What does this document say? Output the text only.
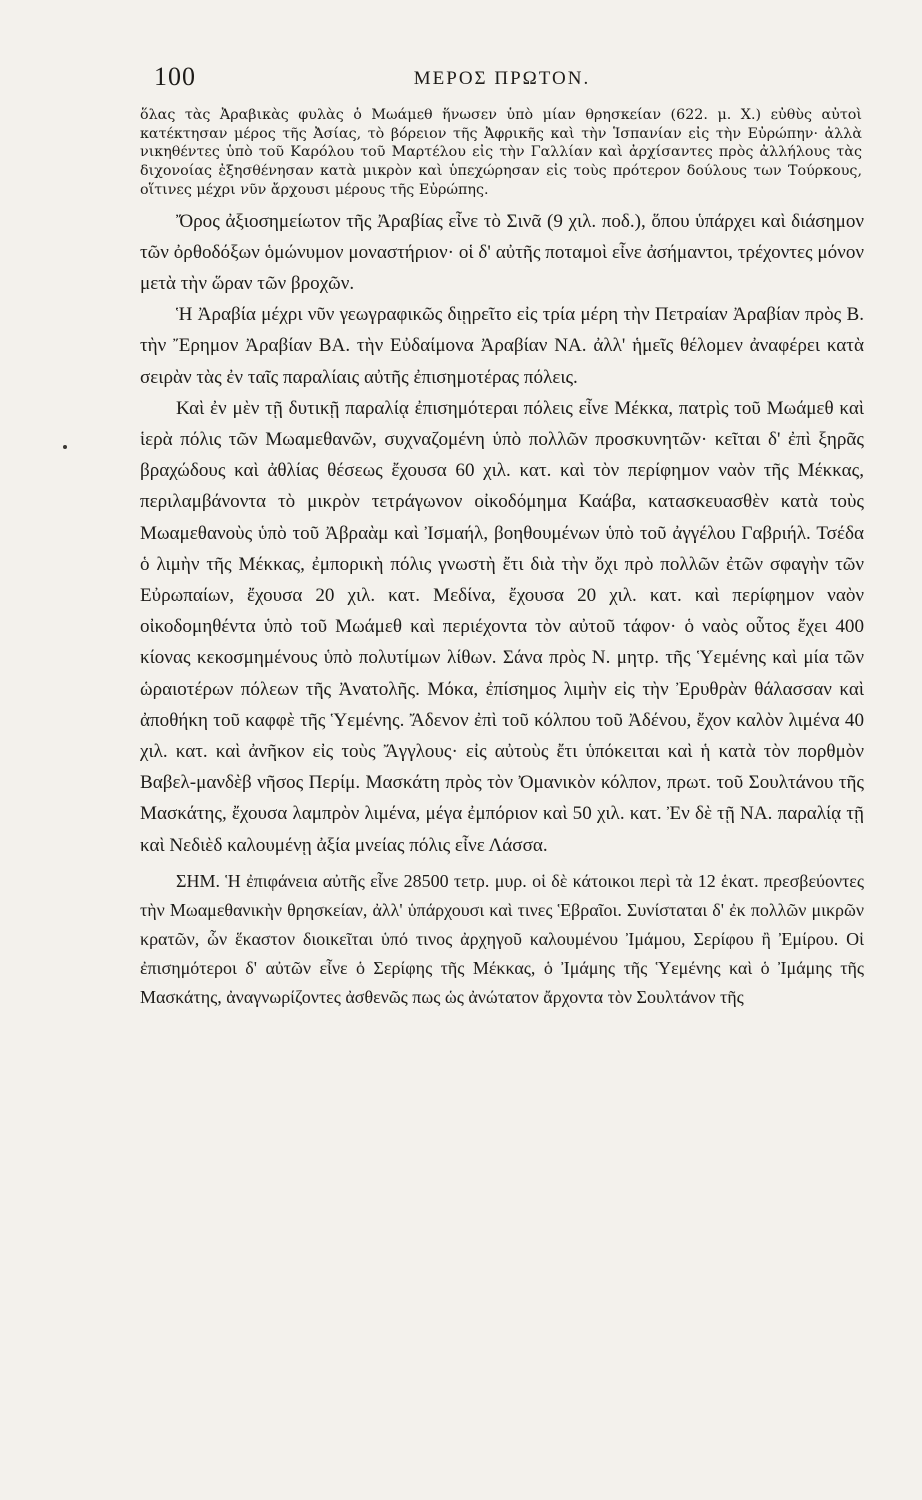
100	ΜΕΡΟΣ ΠΡΩΤΟΝ.

ὅλας τὰς Ἀραβικὰς φυλὰς ὁ Μωάμεθ ἥνωσεν ὑπὸ μίαν θρησκείαν (622. μ. Χ.) εὐθὺς αὐτοὶ κατέκτησαν μέρος τῆς Ἀσίας, τὸ βόρειον τῆς Ἀφρικῆς καὶ τὴν Ἱσπανίαν εἰς τὴν Εὐρώπην· ἀλλὰ νικηθέντες ὑπὸ τοῦ Καρόλου τοῦ Μαρτέλου εἰς τὴν Γαλλίαν καὶ ἀρχίσαντες πρὸς ἀλλήλους τὰς διχονοίας ἐξησθένησαν κατὰ μικρὸν καὶ ὑπεχώρησαν εἰς τοὺς πρότερον δούλους των Τούρκους, οἵτινες μέχρι νῦν ἄρχουσι μέρους τῆς Εὐρώπης.

Ὄρος ἀξιοσημείωτον τῆς Ἀραβίας εἶνε τὸ Σινᾶ (9 χιλ. ποδ.), ὅπου ὑπάρχει καὶ διάσημον τῶν ὀρθοδόξων ὁμώνυμον μοναστήριον· οἱ δ' αὐτῆς ποταμοὶ εἶνε ἀσήμαντοι, τρέχοντες μόνον μετὰ τὴν ὥραν τῶν βροχῶν.

Ἡ Ἀραβία μέχρι νῦν γεωγραφικῶς διῃρεῖτο εἰς τρία μέρη τὴν Πετραίαν Ἀραβίαν πρὸς Β. τὴν Ἔρημον Ἀραβίαν ΒΑ. τὴν Εὐδαίμονα Ἀραβίαν ΝΑ. ἀλλ' ἡμεῖς θέλομεν ἀναφέρει κατὰ σειρὰν τὰς ἐν ταῖς παραλίαις αὐτῆς ἐπισημοτέρας πόλεις.

Καὶ ἐν μὲν τῇ δυτικῇ παραλίᾳ ἐπισημότεραι πόλεις εἶνε Μέκκα, πατρὶς τοῦ Μωάμεθ καὶ ἱερὰ πόλις τῶν Μωαμεθανῶν, συχναζομένη ὑπὸ πολλῶν προσκυνητῶν· κεῖται δ' ἐπὶ ξηρᾶς βραχώδους καὶ ἀθλίας θέσεως ἔχουσα 60 χιλ. κατ. καὶ τὸν περίφημον ναὸν τῆς Μέκκας, περιλαμβάνοντα τὸ μικρὸν τετράγωνον οἰκοδόμημα Καάβα, κατασκευασθὲν κατὰ τοὺς Μωαμεθανοὺς ὑπὸ τοῦ Ἀβραὰμ καὶ Ἰσμαήλ, βοηθουμένων ὑπὸ τοῦ ἀγγέλου Γαβριήλ. Τσέδα ὁ λιμὴν τῆς Μέκκας, ἐμπορικὴ πόλις γνωστὴ ἔτι διὰ τὴν ὄχι πρὸ πολλῶν ἐτῶν σφαγὴν τῶν Εὐρωπαίων, ἔχουσα 20 χιλ. κατ. Μεδίνα, ἔχουσα 20 χιλ. κατ. καὶ περίφημον ναὸν οἰκοδομηθέντα ὑπὸ τοῦ Μωάμεθ καὶ περιέχοντα τὸν αὐτοῦ τάφον· ὁ ναὸς οὗτος ἔχει 400 κίονας κεκοσμημένους ὑπὸ πολυτίμων λίθων. Σάνα πρὸς Ν. μητρ. τῆς Ὑεμένης καὶ μία τῶν ὡραιοτέρων πόλεων τῆς Ἀνατολῆς. Μόκα, ἐπίσημος λιμὴν εἰς τὴν Ἐρυθρὰν θάλασσαν καὶ ἀποθήκη τοῦ καφφὲ τῆς Ὑεμένης. Ἄδενον ἐπὶ τοῦ κόλπου τοῦ Ἀδένου, ἔχον καλὸν λιμένα 40 χιλ. κατ. καὶ ἀνῆκον εἰς τοὺς Ἄγγλους· εἰς αὐτοὺς ἔτι ὑπόκειται καὶ ἡ κατὰ τὸν πορθμὸν Βαβελ-μανδὲβ νῆσος Περίμ. Μασκάτη πρὸς τὸν Ὀμανικὸν κόλπον, πρωτ. τοῦ Σουλτάνου τῆς Μασκάτης, ἔχουσα λαμπρὸν λιμένα, μέγα ἐμπόριον καὶ 50 χιλ. κατ. Ἐν δὲ τῇ ΝΑ. παραλίᾳ τῇ καὶ Νεδιὲδ καλουμένῃ ἀξία μνείας πόλις εἶνε Λάσσα.

ΣΗΜ. Ἡ ἐπιφάνεια αὐτῆς εἶνε 28500 τετρ. μυρ. οἱ δὲ κάτοικοι περὶ τὰ 12 ἑκατ. πρεσβεύοντες τὴν Μωαμεθανικὴν θρησκείαν, ἀλλ' ὑπάρχουσι καὶ τινες Ἑβραῖοι. Συνίσταται δ' ἐκ πολλῶν μικρῶν κρατῶν, ὧν ἕκαστον διοικεῖται ὑπό τινος ἀρχηγοῦ καλουμένου Ἰμάμου, Σερίφου ἢ Ἐμίρου. Οἱ ἐπισημότεροι δ' αὐτῶν εἶνε ὁ Σερίφης τῆς Μέκκας, ὁ Ἰμάμης τῆς Ὑεμένης καὶ ὁ Ἰμάμης τῆς Μασκάτης, ἀναγνωρίζοντες ἀσθενῶς πως ὡς ἀνώτατον ἄρχοντα τὸν Σουλτάνον τῆς
